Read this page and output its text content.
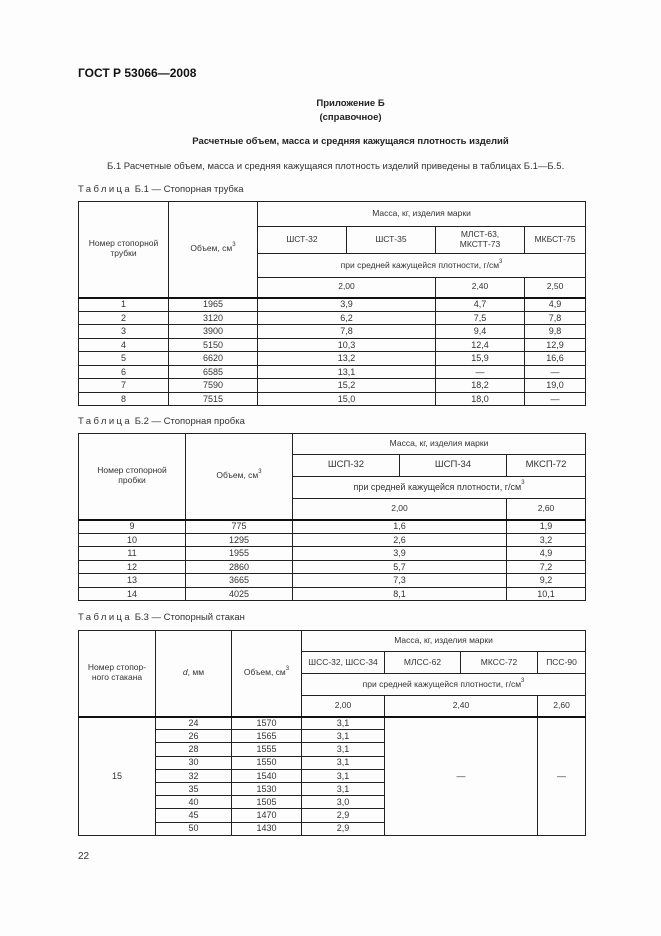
ГОСТ Р 53066—2008
Приложение Б
(справочное)
Расчетные объем, масса и средняя кажущаяся плотность изделий
Б.1 Расчетные объем, масса и средняя кажущаяся плотность изделий приведены в таблицах Б.1—Б.5.
Таблица Б.1 — Стопорная трубка
Номер стопорной трубки	Объем, $см^3$	Масса, кг, изделия марки			
		ШСТ-32	ШСТ-35	МЛСТ-63, МКСТТ-73	МКБСТ-75
		при средней кажущейся плотности, $г/см^3$
		2,00		2,40	2,50
1	1965	3,9		4,7	4,9
2	3120	6,2		7,5	7,8
3	3900	7,8		9,4	9,8
4	5150	10,3		12,4	12,9
5	6620	13,2		15,9	16,6
6	6585	13,1		—	—
7	7590	15,2		18,2	19,0
8	7515	15,0		18,0	—
Таблица Б.2 — Стопорная пробка
Номер стопорной пробки	Объем, $см^3$	Масса, кг, изделия марки		
		ШСП-32	ШСП-34	МКСП-72
		при средней кажущейся плотности, $г/см^3$
		2,00		2,60
9	775	1,6		1,9
10	1295	2,6		3,2
11	1955	3,9		4,9
12	2860	5,7		7,2
13	3665	7,3		9,2
14	4025	8,1		10,1
Таблица Б.3 — Стопорный стакан
Номер стопор- ного стакана	d, мм	Объем, $см^3$	Масса, кг, изделия марки			
			ШСС-32, ШСС-34	МЛСС-62	МКСС-72	ПСС-90
			при средней кажущейся плотности, $г/см^3$
			2,00	2,40		2,60
15	24	1570	3,1	—		—
	26	1565	3,1			
	28	1555	3,1			
	30	1550	3,1			
	32	1540	3,1			
	35	1530	3,1			
	40	1505	3,0			
	45	1470	2,9			
	50	1430	2,9			
22
